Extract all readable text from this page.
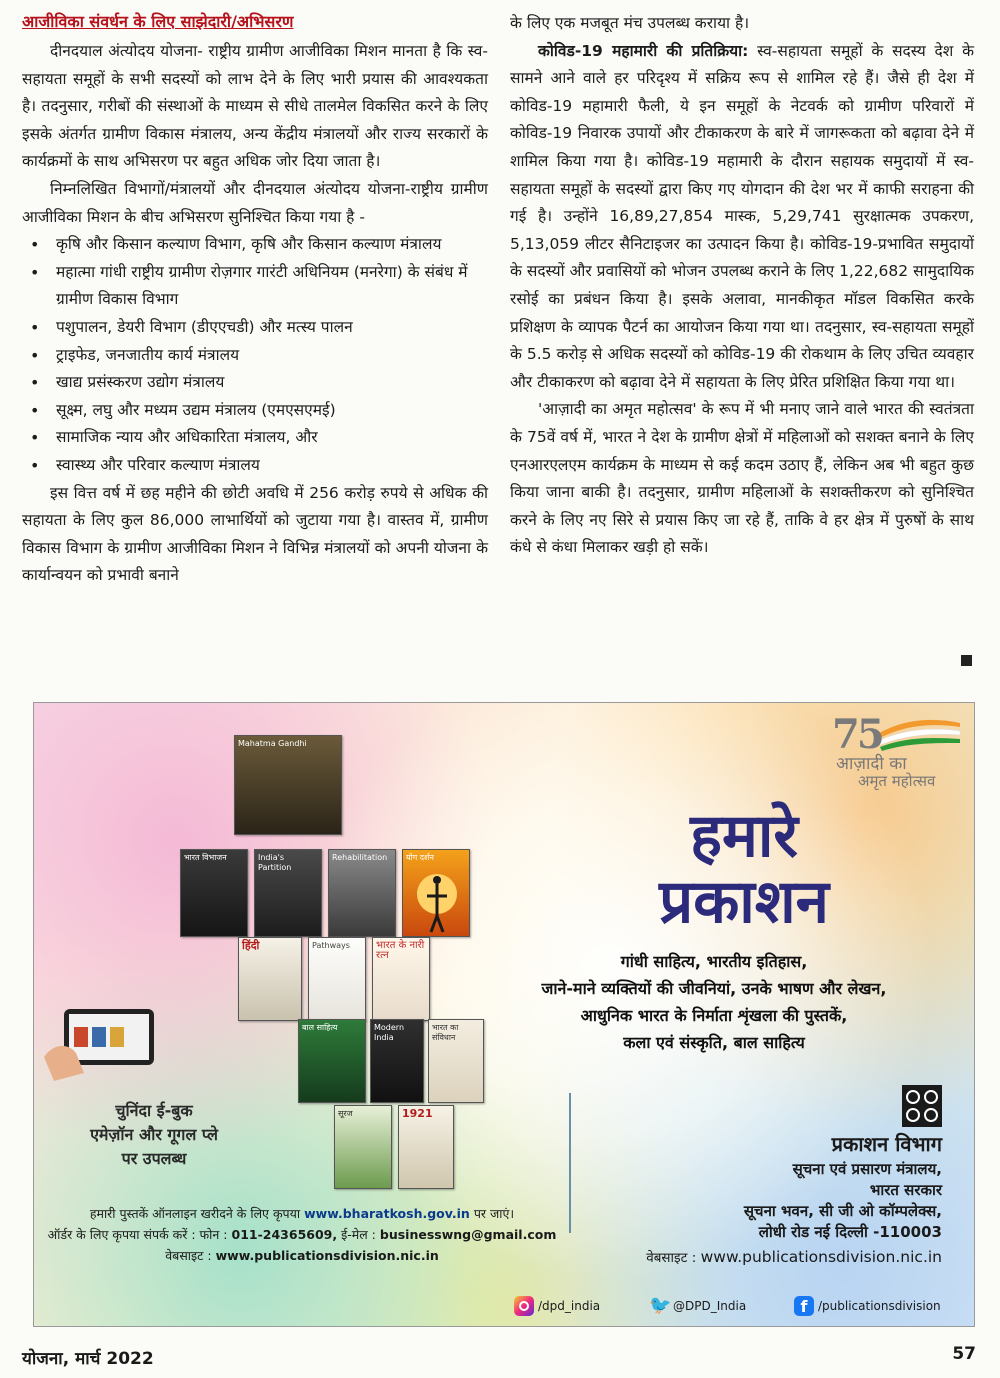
आजीविका संवर्धन के लिए साझेदारी/अभिसरण

दीनदयाल अंत्योदय योजना- राष्ट्रीय ग्रामीण आजीविका मिशन मानता है कि स्व-सहायता समूहों के सभी सदस्यों को लाभ देने के लिए भारी प्रयास की आवश्यकता है। तदनुसार, गरीबों की संस्थाओं के माध्यम से सीधे तालमेल विकसित करने के लिए इसके अंतर्गत ग्रामीण विकास मंत्रालय, अन्य केंद्रीय मंत्रालयों और राज्य सरकारों के कार्यक्रमों के साथ अभिसरण पर बहुत अधिक जोर दिया जाता है।

निम्नलिखित विभागों/मंत्रालयों और दीनदयाल अंत्योदय योजना-राष्ट्रीय ग्रामीण आजीविका मिशन के बीच अभिसरण सुनिश्चित किया गया है -

• कृषि और किसान कल्याण विभाग, कृषि और किसान कल्याण मंत्रालय
• महात्मा गांधी राष्ट्रीय ग्रामीण रोज़गार गारंटी अधिनियम (मनरेगा) के संबंध में ग्रामीण विकास विभाग
• पशुपालन, डेयरी विभाग (डीएएचडी) और मत्स्य पालन
• ट्राइफेड, जनजातीय कार्य मंत्रालय
• खाद्य प्रसंस्करण उद्योग मंत्रालय
• सूक्ष्म, लघु और मध्यम उद्यम मंत्रालय (एमएसएमई)
• सामाजिक न्याय और अधिकारिता मंत्रालय, और
• स्वास्थ्य और परिवार कल्याण मंत्रालय

इस वित्त वर्ष में छह महीने की छोटी अवधि में 256 करोड़ रुपये से अधिक की सहायता के लिए कुल 86,000 लाभार्थियों को जुटाया गया है। वास्तव में, ग्रामीण विकास विभाग के ग्रामीण आजीविका मिशन ने विभिन्न मंत्रालयों को अपनी योजना के कार्यान्वयन को प्रभावी बनाने

के लिए एक मजबूत मंच उपलब्ध कराया है।

कोविड-19 महामारी की प्रतिक्रिया: स्व-सहायता समूहों के सदस्य देश के सामने आने वाले हर परिदृश्य में सक्रिय रूप से शामिल रहे हैं। जैसे ही देश में कोविड-19 महामारी फैली, ये इन समूहों के नेटवर्क को ग्रामीण परिवारों में कोविड-19 निवारक उपायों और टीकाकरण के बारे में जागरूकता को बढ़ावा देने में शामिल किया गया है। कोविड-19 महामारी के दौरान सहायक समुदायों में स्व-सहायता समूहों के सदस्यों द्वारा किए गए योगदान की देश भर में काफी सराहना की गई है। उन्होंने 16,89,27,854 मास्क, 5,29,741 सुरक्षात्मक उपकरण, 5,13,059 लीटर सैनिटाइजर का उत्पादन किया है। कोविड-19-प्रभावित समुदायों के सदस्यों और प्रवासियों को भोजन उपलब्ध कराने के लिए 1,22,682 सामुदायिक रसोई का प्रबंधन किया है। इसके अलावा, मानकीकृत मॉडल विकसित करके प्रशिक्षण के व्यापक पैटर्न का आयोजन किया गया था। तदनुसार, स्व-सहायता समूहों के 5.5 करोड़ से अधिक सदस्यों को कोविड-19 की रोकथाम के लिए उचित व्यवहार और टीकाकरण को बढ़ावा देने में सहायता के लिए प्रेरित प्रशिक्षित किया गया था।

'आज़ादी का अमृत महोत्सव' के रूप में भी मनाए जाने वाले भारत की स्वतंत्रता के 75वें वर्ष में, भारत ने देश के ग्रामीण क्षेत्रों में महिलाओं को सशक्त बनाने के लिए एनआरएलएम कार्यक्रम के माध्यम से कई कदम उठाए हैं, लेकिन अब भी बहुत कुछ किया जाना बाकी है। तदनुसार, ग्रामीण महिलाओं के सशक्तीकरण को सुनिश्चित करने के लिए नए सिरे से प्रयास किए जा रहे हैं, ताकि वे हर क्षेत्र में पुरुषों के साथ कंधे से कंधा मिलाकर खड़ी हो सकें।

75
आज़ादी का
अमृत महोत्सव
हमारे
प्रकाशन
गांधी साहित्य, भारतीय इतिहास,
जाने-माने व्यक्तियों की जीवनियां, उनके भाषण और लेखन,
आधुनिक भारत के निर्माता शृंखला की पुस्तकें,
कला एवं संस्कृति, बाल साहित्य
Mahatma Gandhi
भारत विभाजन	India's Partition
Rehabilitation	योग दर्शन
हिंदी	Pathways	भारत के नारी रत्न
बाल साहित्य	Modern India
भारत का संविधान
सूरज	1921
चुनिंदा ई-बुक
एमेज़ॉन और गूगल प्ले
पर उपलब्ध
प्रकाशन विभाग
सूचना एवं प्रसारण मंत्रालय,
भारत सरकार
सूचना भवन, सी जी ओ कॉम्पलेक्स,
लोधी रोड नई दिल्ली -110003
वेबसाइट : www.publicationsdivision.nic.in
हमारी पुस्तकें ऑनलाइन खरीदने के लिए कृपया www.bharatkosh.gov.in पर जाएं।
ऑर्डर के लिए कृपया संपर्क करें : फोन : 011-24365609, ई-मेल : businesswng@gmail.com
वेबसाइट : www.publicationsdivision.nic.in
/dpd_india	🐦 @DPD_India	f /publicationsdivision
योजना, मार्च 2022	57
